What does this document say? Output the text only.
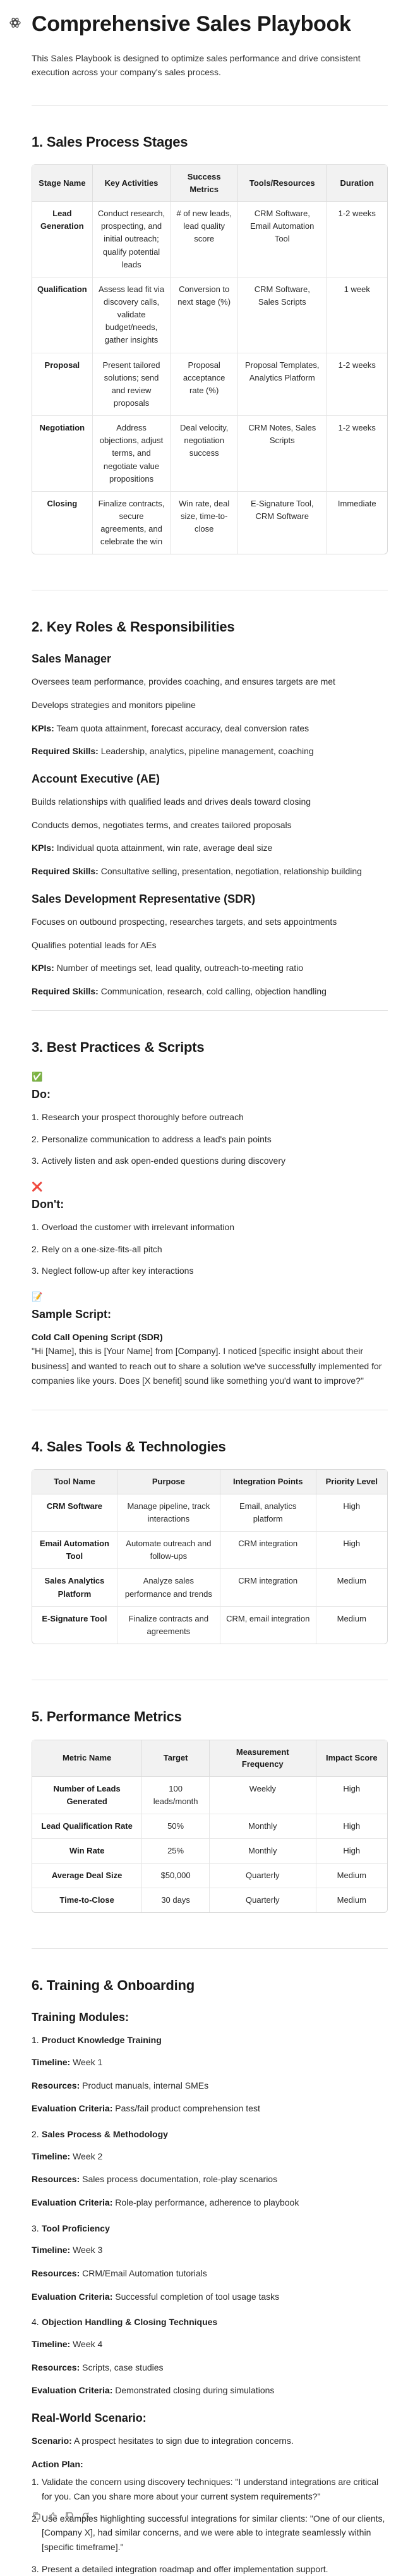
Comprehensive Sales Playbook

This Sales Playbook is designed to optimize sales performance and drive consistent execution across your company's sales process.

1. Sales Process Stages
Stage Name	Key Activities	Success Metrics	Tools/Resources	Duration
Lead Generation	Conduct research, prospecting, and initial outreach; qualify potential leads	# of new leads, lead quality score	CRM Software, Email Automation Tool	1-2 weeks
Qualification	Assess lead fit via discovery calls, validate budget/needs, gather insights	Conversion to next stage (%)	CRM Software, Sales Scripts	1 week
Proposal	Present tailored solutions; send and review proposals	Proposal acceptance rate (%)	Proposal Templates, Analytics Platform	1-2 weeks
Negotiation	Address objections, adjust terms, and negotiate value propositions	Deal velocity, negotiation success	CRM Notes, Sales Scripts	1-2 weeks
Closing	Finalize contracts, secure agreements, and celebrate the win	Win rate, deal size, time-to-close	E-Signature Tool, CRM Software	Immediate
2. Key Roles & Responsibilities
Sales Manager
Oversees team performance, provides coaching, and ensures targets are met
Develops strategies and monitors pipeline
KPIs: Team quota attainment, forecast accuracy, deal conversion rates
Required Skills: Leadership, analytics, pipeline management, coaching
Account Executive (AE)
Builds relationships with qualified leads and drives deals toward closing
Conducts demos, negotiates terms, and creates tailored proposals
KPIs: Individual quota attainment, win rate, average deal size
Required Skills: Consultative selling, presentation, negotiation, relationship building
Sales Development Representative (SDR)
Focuses on outbound prospecting, researches targets, and sets appointments
Qualifies potential leads for AEs
KPIs: Number of meetings set, lead quality, outreach-to-meeting ratio
Required Skills: Communication, research, cold calling, objection handling
3. Best Practices & Scripts
✅
Do:
1. Research your prospect thoroughly before outreach
2. Personalize communication to address a lead's pain points
3. Actively listen and ask open-ended questions during discovery
❌
Don't:
1. Overload the customer with irrelevant information
2. Rely on a one-size-fits-all pitch
3. Neglect follow-up after key interactions
📝
Sample Script:
Cold Call Opening Script (SDR)

"Hi [Name], this is [Your Name] from [Company]. I noticed [specific insight about their business] and wanted to reach out to share a solution we've successfully implemented for companies like yours. Does [X benefit] sound like something you'd want to improve?"

4. Sales Tools & Technologies
Tool Name	Purpose	Integration Points	Priority Level
CRM Software	Manage pipeline, track interactions	Email, analytics platform	High
Email Automation Tool	Automate outreach and follow-ups	CRM integration	High
Sales Analytics Platform	Analyze sales performance and trends	CRM integration	Medium
E-Signature Tool	Finalize contracts and agreements	CRM, email integration	Medium
5. Performance Metrics
Metric Name	Target	Measurement Frequency	Impact Score
Number of Leads Generated	100 leads/month	Weekly	High
Lead Qualification Rate	50%	Monthly	High
Win Rate	25%	Monthly	High
Average Deal Size	$50,000	Quarterly	Medium
Time-to-Close	30 days	Quarterly	Medium
6. Training & Onboarding
Training Modules:
1. Product Knowledge Training
Timeline: Week 1
Resources: Product manuals, internal SMEs
Evaluation Criteria: Pass/fail product comprehension test
2. Sales Process & Methodology
Timeline: Week 2
Resources: Sales process documentation, role-play scenarios
Evaluation Criteria: Role-play performance, adherence to playbook
3. Tool Proficiency
Timeline: Week 3
Resources: CRM/Email Automation tutorials
Evaluation Criteria: Successful completion of tool usage tasks
4. Objection Handling & Closing Techniques
Timeline: Week 4
Resources: Scripts, case studies
Evaluation Criteria: Demonstrated closing during simulations
Real-World Scenario:

Scenario: A prospect hesitates to sign due to integration concerns.

Action Plan:
1. Validate the concern using discovery techniques: "I understand integrations are critical for you. Can you share more about your current system requirements?"
2. Use examples highlighting successful integrations for similar clients: "One of our clients, [Company X], had similar concerns, and we were able to integrate seamlessly within [specific timeframe]."
3. Present a detailed integration roadmap and offer implementation support.
